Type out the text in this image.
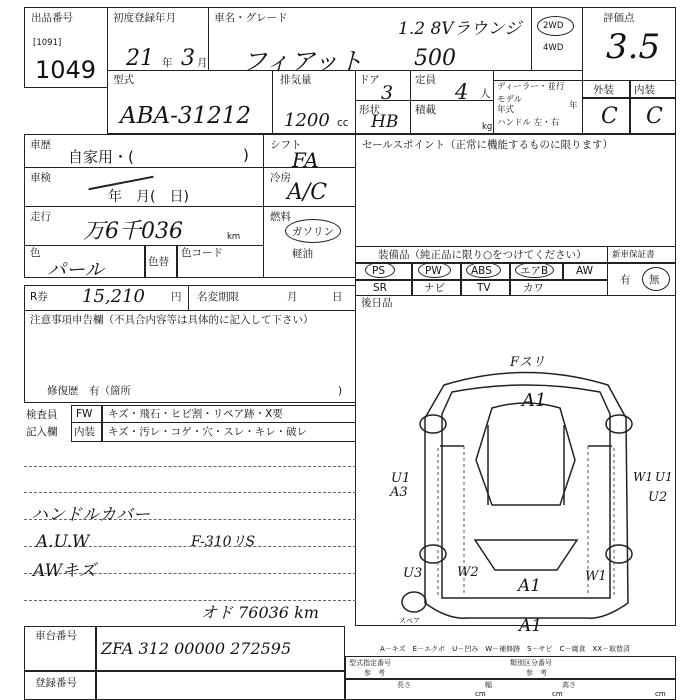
出品番号
[1091]
1049
初度登録年月
21 年 3 月
車名・グレード
1.2 8Vラウンジ
フィアット 500
2WD
4WD
評価点
3.5
型式
ABA-31212
排気量
1200 cc
ドア
3
定員 4 人
形状
HB
積載
kg
ディーラー・並行
モデル
年式	年
ハンドル 左・右
外装 内装
C C
車歴
自家用・(	)
シフト
FA
セールスポイント（正常に機能するものに限ります）
車検
年　月(　日)
冷房
A/C
走行
万6千036	km
燃料
ガソリン
軽油
色
パール	色替
色コード	装備品（純正品に限り○をつけてください）
PS	PW	ABS	エアB	AW
SR	ナビ	TV	カワ
新車保証書
有 無
R券 15,210 円 名変期限	月	日
注意事項申告欄（不具合内容等は具体的に記入して下さい）
修復歴　有（箇所	)
後日品
検査員
記入欄
FW キズ・飛石・ヒビ割・リペア跡・X要
内装 キズ・汚レ・コゲ・穴・スレ・キレ・破レ
ハンドルカバー
A.U.W
AWキズ
F-310リS
オド 76036 km
Fスリ
A1
U1
A3	U2
W1
U3	W2
A1
W1 U1
A1
スペア
車台番号
ZFA 312 00000 272595
登録番号
A－キズ　E－エクボ　U－凹み　W－補修跡　S－サビ　C－腐食　XX－取替済
型式指定番号
参　考
類別区分番号
参　考
長さ	幅	高さ
cm	cm	cm
